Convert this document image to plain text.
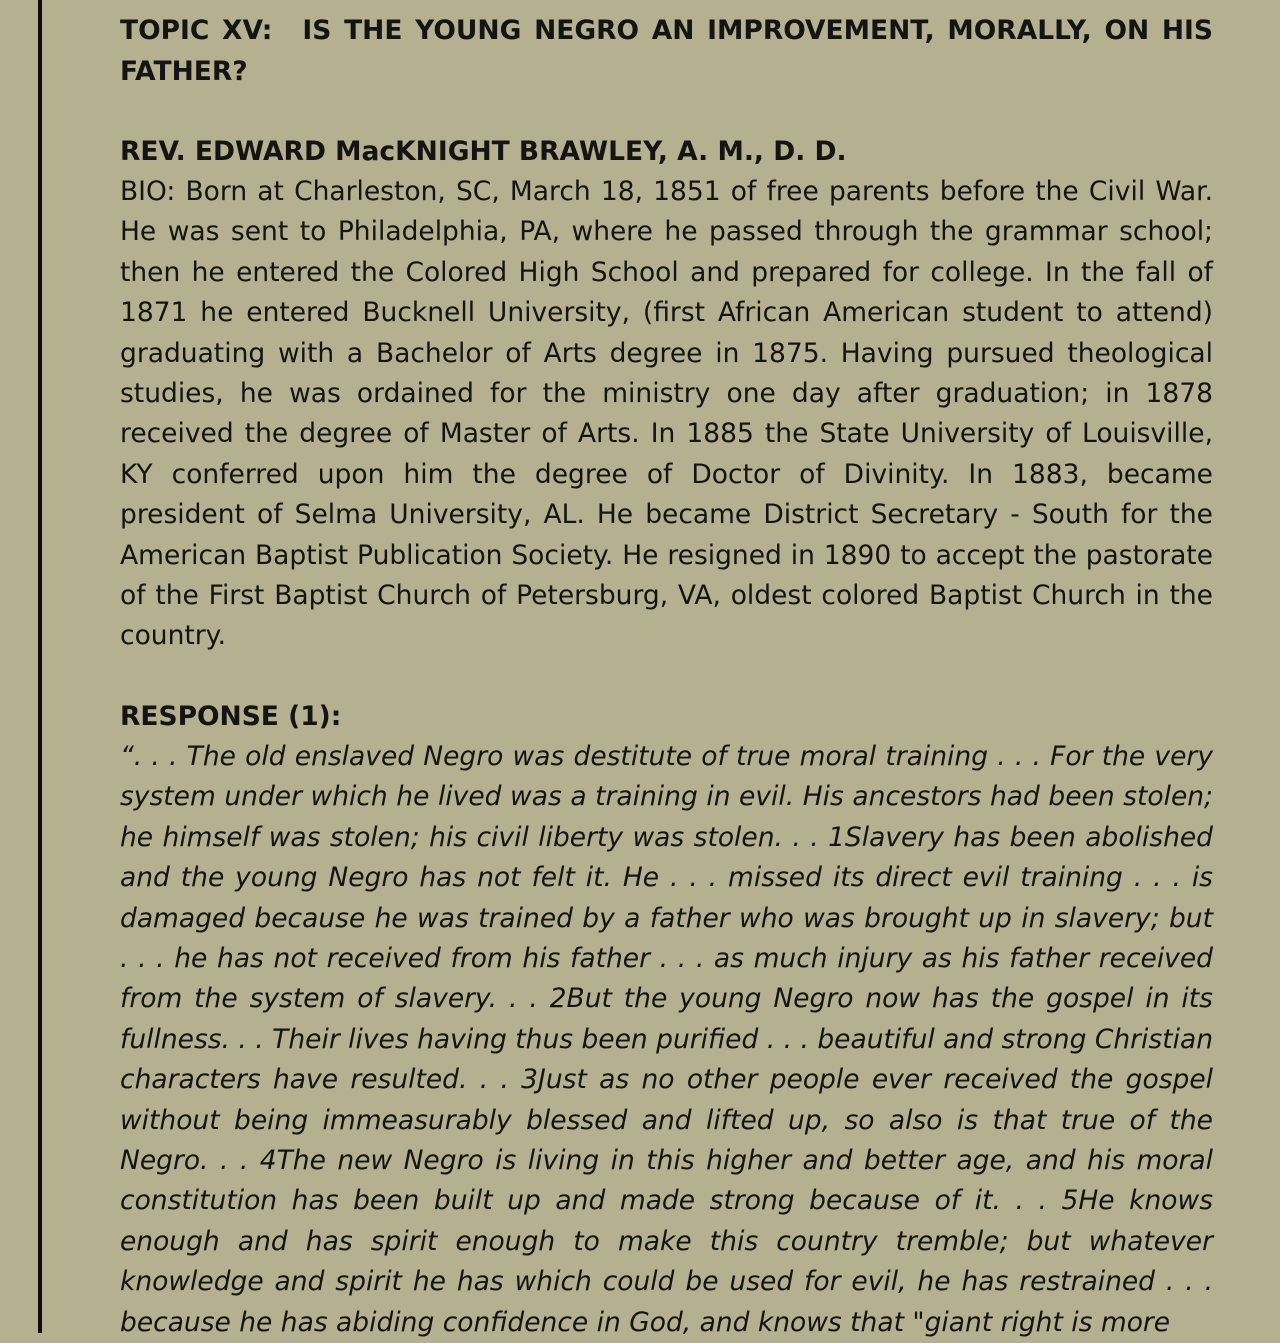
TOPIC XV: IS THE YOUNG NEGRO AN IMPROVEMENT, MORALLY, ON HIS FATHER?

REV. EDWARD MacKNIGHT BRAWLEY, A. M., D. D.

BIO: Born at Charleston, SC, March 18, 1851 of free parents before the Civil War. He was sent to Philadelphia, PA, where he passed through the grammar school; then he entered the Colored High School and prepared for college. In the fall of 1871 he entered Bucknell University, (first African American student to attend) graduating with a Bachelor of Arts degree in 1875. Having pursued theological studies, he was ordained for the ministry one day after graduation; in 1878 received the degree of Master of Arts. In 1885 the State University of Louisville, KY conferred upon him the degree of Doctor of Divinity. In 1883, became president of Selma University, AL. He became District Secretary - South for the American Baptist Publication Society. He resigned in 1890 to accept the pastorate of the First Baptist Church of Petersburg, VA, oldest colored Baptist Church in the country.

RESPONSE (1):

“. . . The old enslaved Negro was destitute of true moral training . . . For the very system under which he lived was a training in evil. His ancestors had been stolen; he himself was stolen; his civil liberty was stolen. . . 1Slavery has been abolished and the young Negro has not felt it. He . . . missed its direct evil training . . . is damaged because he was trained by a father who was brought up in slavery; but . . . he has not received from his father . . . as much injury as his father received from the system of slavery. . . 2But the young Negro now has the gospel in its fullness. . . Their lives having thus been purified . . . beautiful and strong Christian characters have resulted. . . 3Just as no other people ever received the gospel without being immeasurably blessed and lifted up, so also is that true of the Negro. . . 4The new Negro is living in this higher and better age, and his moral constitution has been built up and made strong because of it. . . 5He knows enough and has spirit enough to make this country tremble; but whatever knowledge and spirit he has which could be used for evil, he has restrained . . . because he has abiding confidence in God, and knows that "giant right is more
